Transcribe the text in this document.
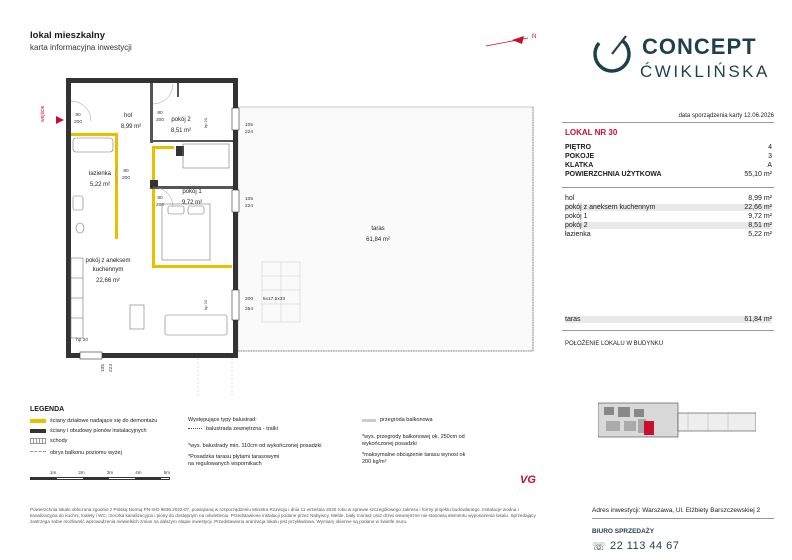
wejście	hol
8,99 m²
pokój 2
8,51 m²
łazienka
5,22 m²
pokój 1
9,72 m²
pokój z aneksem
kuchennym
22,66 m²
taras
61,84 m²
90
200
80
200
80
200
80
200
105
224
105
224
200
254
hp 20
5x17,5x33
105 224
hp 20
hp 20
N
lokal mieszkalny
karta informacyjna inwestycji	CONCEPT
ĆWIKLIŃSKA
data sporządzenia karty 12.06.2026
LOKAL NR 30
PIĘTRO	4
POKOJE	3
KLATKA	A
POWIERZCHNIA UŻYTKOWA	55,10 m²
hol	8,99 m²
pokój z aneksem kuchennym	22,66 m²
pokój 1	9,72 m²
pokój 2	8,51 m²
łazienka	5,22 m²
taras	61,84 m²
POŁOŻENIE LOKALU W BUDYNKU
Adres inwestycji: Warszawa, Ul. Elżbiety Barszczewskiej 2
BIURO SPRZEDAŻY
☏ 22 113 44 67
LEGENDA
ściany działowe nadające się do demontażu
ściany i obudowy pionów instalacyjnych
schody
obrys balkonu poziomu wyżej
Występujące typy balustrad:
balustrada zewnętrzna - tralki
*wys. balustrady min. 110cm od wykończonej posadzki
*Posadzka tarasu płytami tarasowymi
na regulowanych wspornikach
przegroda balkonowa
*wys. przegrody balkonowej ok. 250cm od
wykończonej posadzki
*maksymalne obciążenie tarasu wynosi ok
200 kg/m²
1m	2m	3m	4m	5m
VG
Powierzchnia lokalu obliczona zgodnie z Polską Normą PN-ISO 9836:2022-07, powiązaną w rozporządzeniu Ministra Rozwoju i dnia 11 września 2020 roku w sprawie szczegółowego zakresu i formy projektu budowlanego. Instalacje wodna i kanalizacyjna do kuchni, toalety i WC, rzeczka kanalizacyjna i piony do dostępnym na oświetleniu. Przedstawione instalacji podane przez Nabywcy. Meble, biały montaż oraz drzwi wewnętrzne nie stanowią elementu wyposażenia lokalu. Sprzedający zastrzega sobie możliwość wprowadzenia niewielkich zmian na dalszym etapie inwestycji. Przedstawiona aranżacja lokalu jest przykładowa. Wymiary okienne są podane w świetle muru.
